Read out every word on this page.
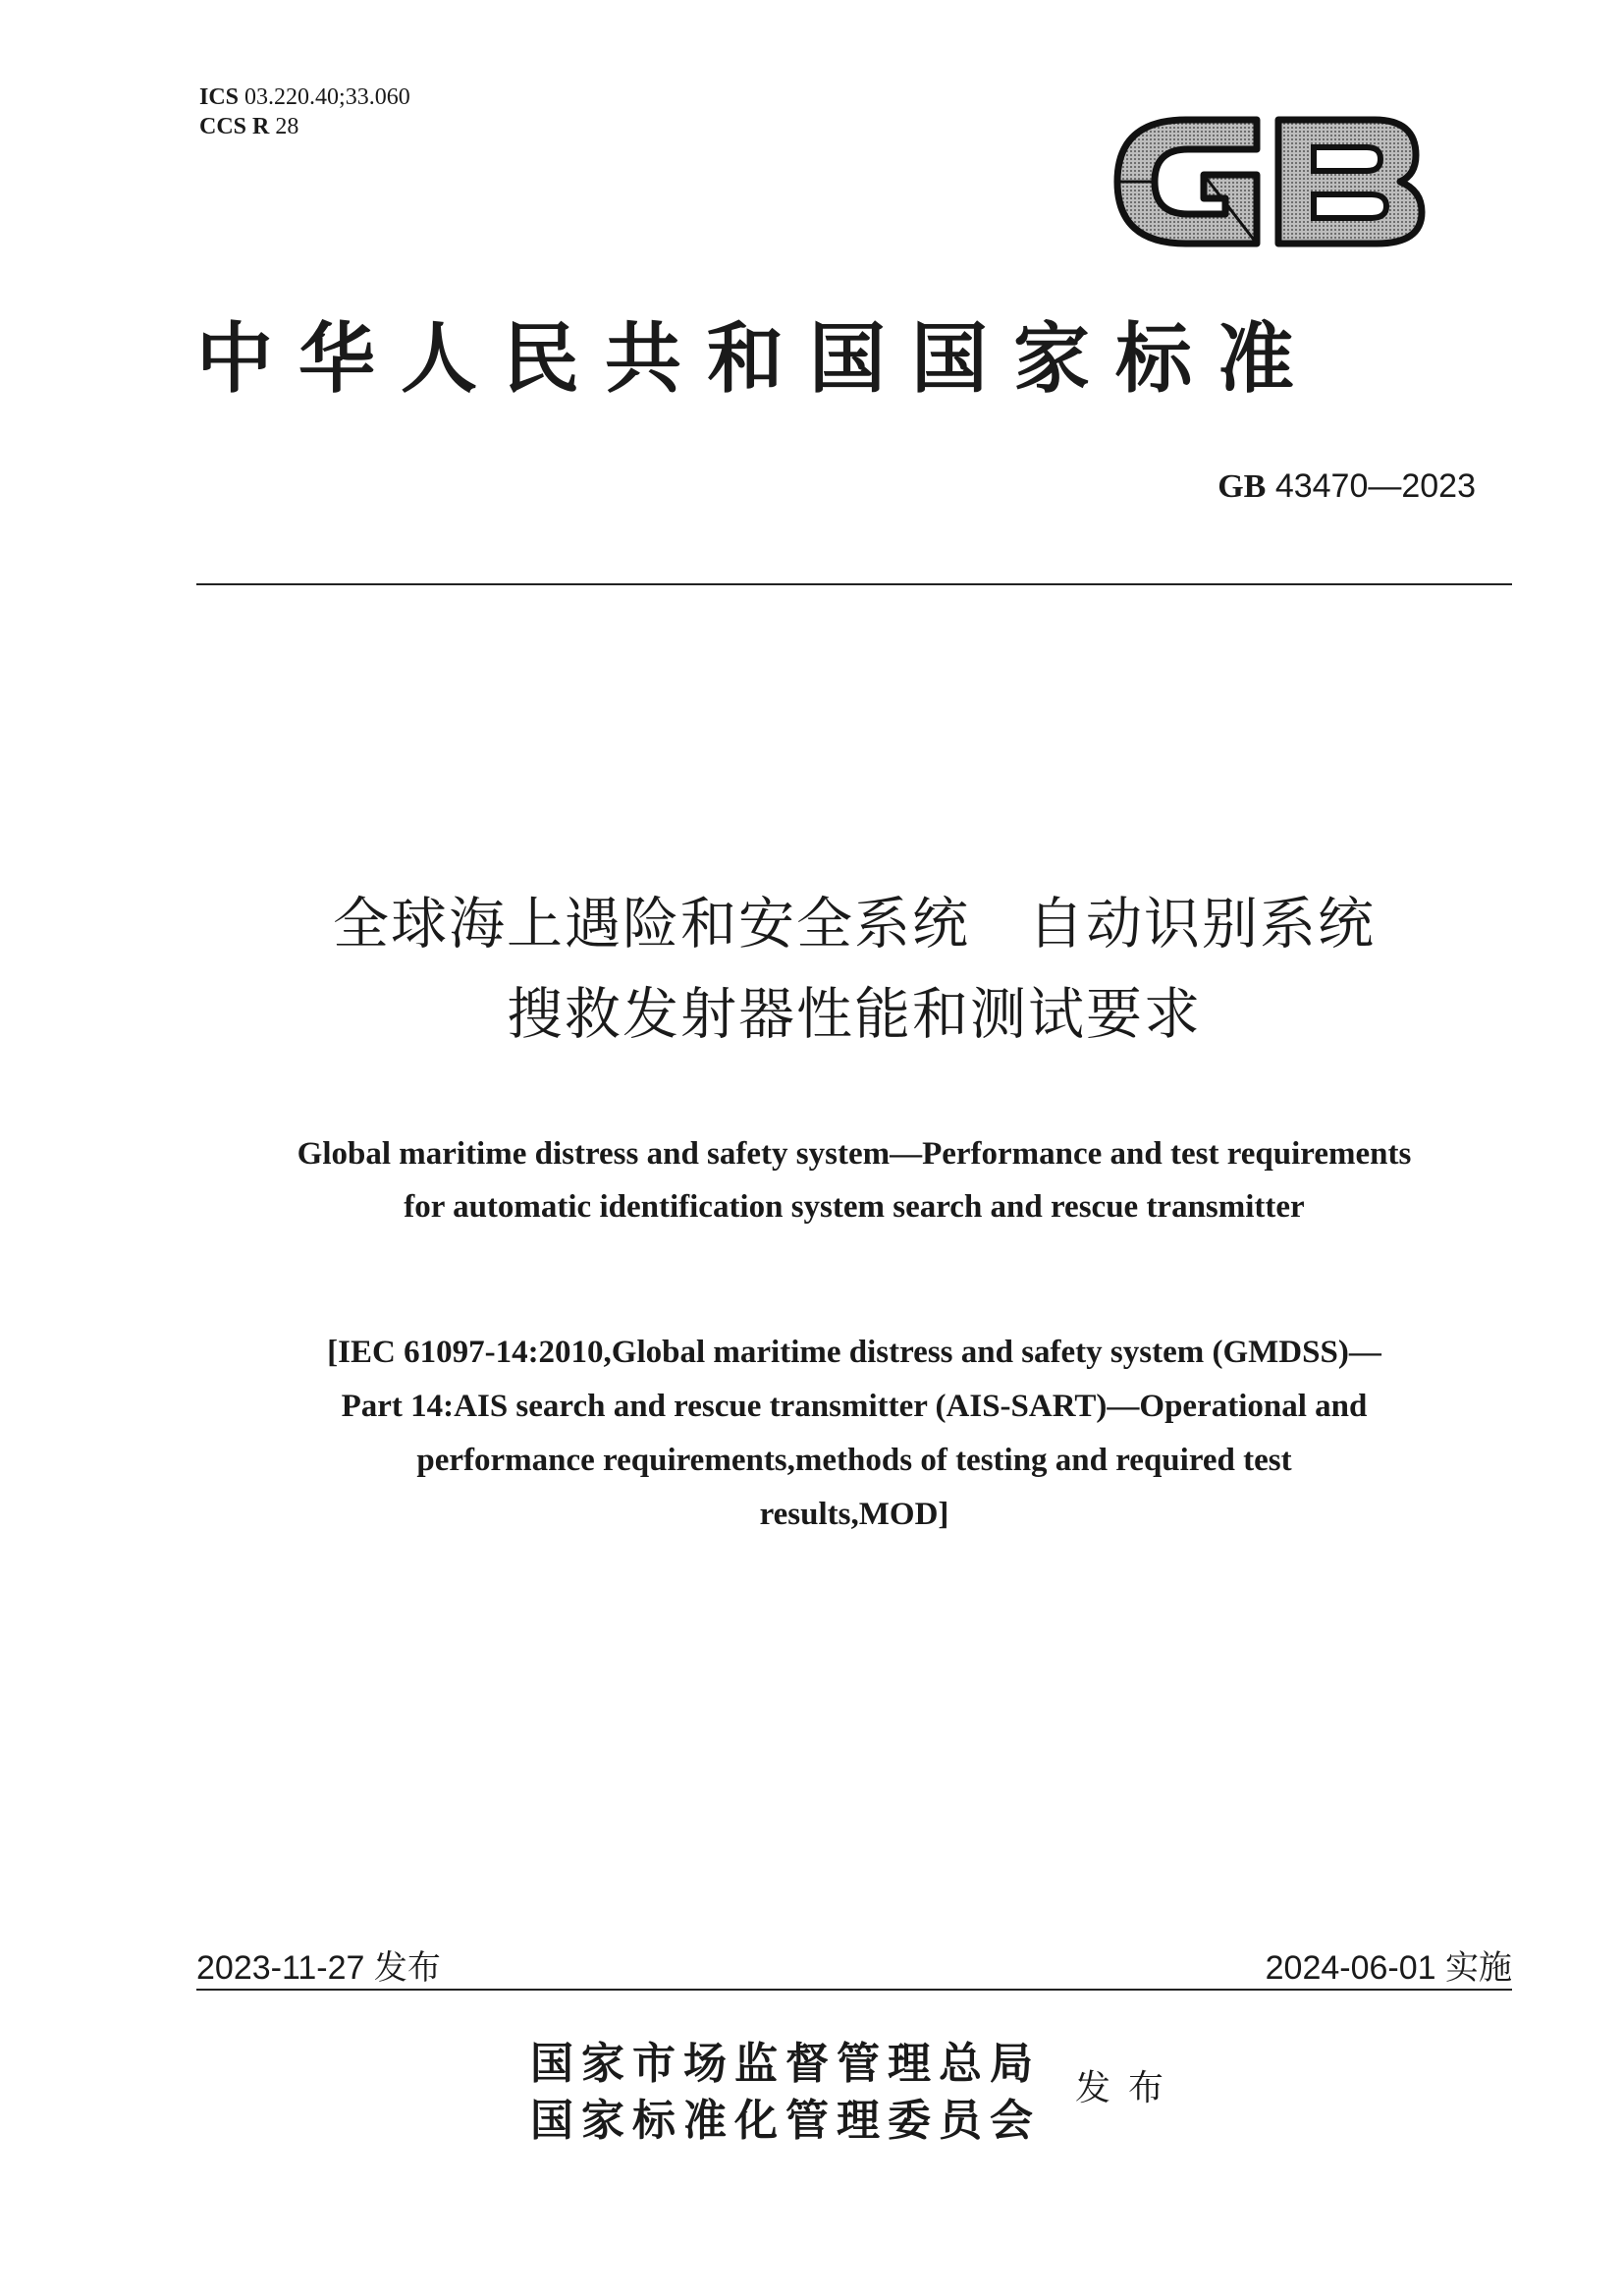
ICS 03.220.40;33.060
CCS R 28
中华人民共和国国家标准
GB 43470—2023
全球海上遇险和安全系统　自动识别系统
搜救发射器性能和测试要求
Global maritime distress and safety system—Performance and test requirements
for automatic identification system search and rescue transmitter
[IEC 61097-14:2010,Global maritime distress and safety system (GMDSS)—
Part 14:AIS search and rescue transmitter (AIS-SART)—Operational and
performance requirements,methods of testing and required test
results,MOD]
2023-11-27 发布	2024-06-01 实施
国家市场监督管理总局
国家标准化管理委员会
发布
